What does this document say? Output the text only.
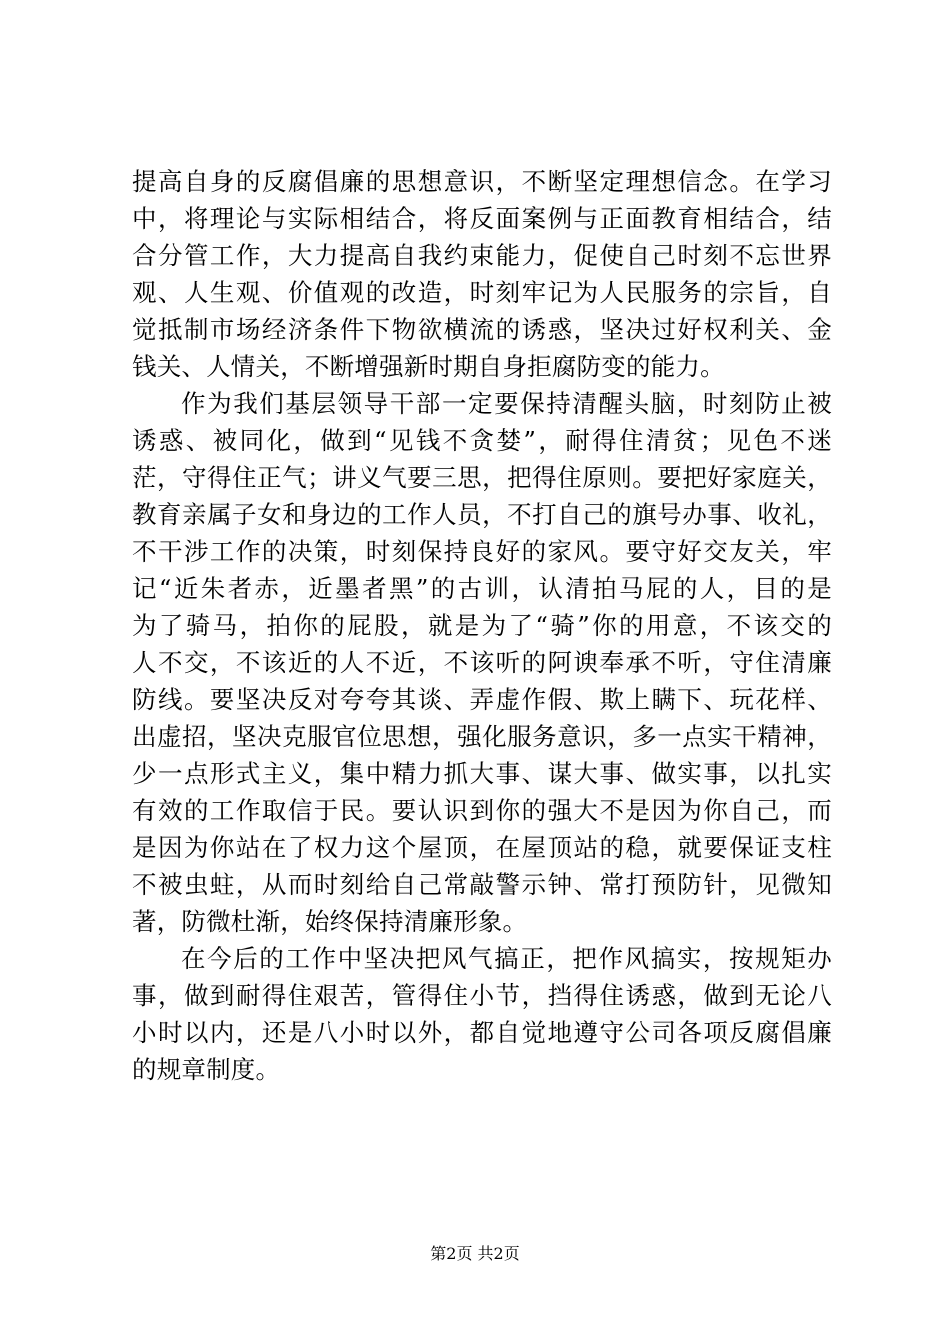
提高自身的反腐倡廉的思想意识，不断坚定理想信念。在学习
中，将理论与实际相结合，将反面案例与正面教育相结合，结
合分管工作，大力提高自我约束能力，促使自己时刻不忘世界
观、人生观、价值观的改造，时刻牢记为人民服务的宗旨，自
觉抵制市场经济条件下物欲横流的诱惑，坚决过好权利关、金
钱关、人情关，不断增强新时期自身拒腐防变的能力。
作为我们基层领导干部一定要保持清醒头脑，时刻防止被
诱惑、被同化，做到“见钱不贪婪”，耐得住清贫；见色不迷
茫，守得住正气；讲义气要三思，把得住原则。要把好家庭关，
教育亲属子女和身边的工作人员，不打自己的旗号办事、收礼，
不干涉工作的决策，时刻保持良好的家风。要守好交友关，牢
记“近朱者赤，近墨者黑”的古训，认清拍马屁的人，目的是
为了骑马，拍你的屁股，就是为了“骑”你的用意，不该交的
人不交，不该近的人不近，不该听的阿谀奉承不听，守住清廉
防线。要坚决反对夸夸其谈、弄虚作假、欺上瞒下、玩花样、
出虚招，坚决克服官位思想，强化服务意识，多一点实干精神，
少一点形式主义，集中精力抓大事、谋大事、做实事，以扎实
有效的工作取信于民。要认识到你的强大不是因为你自己，而
是因为你站在了权力这个屋顶，在屋顶站的稳，就要保证支柱
不被虫蛀，从而时刻给自己常敲警示钟、常打预防针，见微知
著，防微杜渐，始终保持清廉形象。
在今后的工作中坚决把风气搞正，把作风搞实，按规矩办
事，做到耐得住艰苦，管得住小节，挡得住诱惑，做到无论八
小时以内，还是八小时以外，都自觉地遵守公司各项反腐倡廉
的规章制度。
第2页 共2页
